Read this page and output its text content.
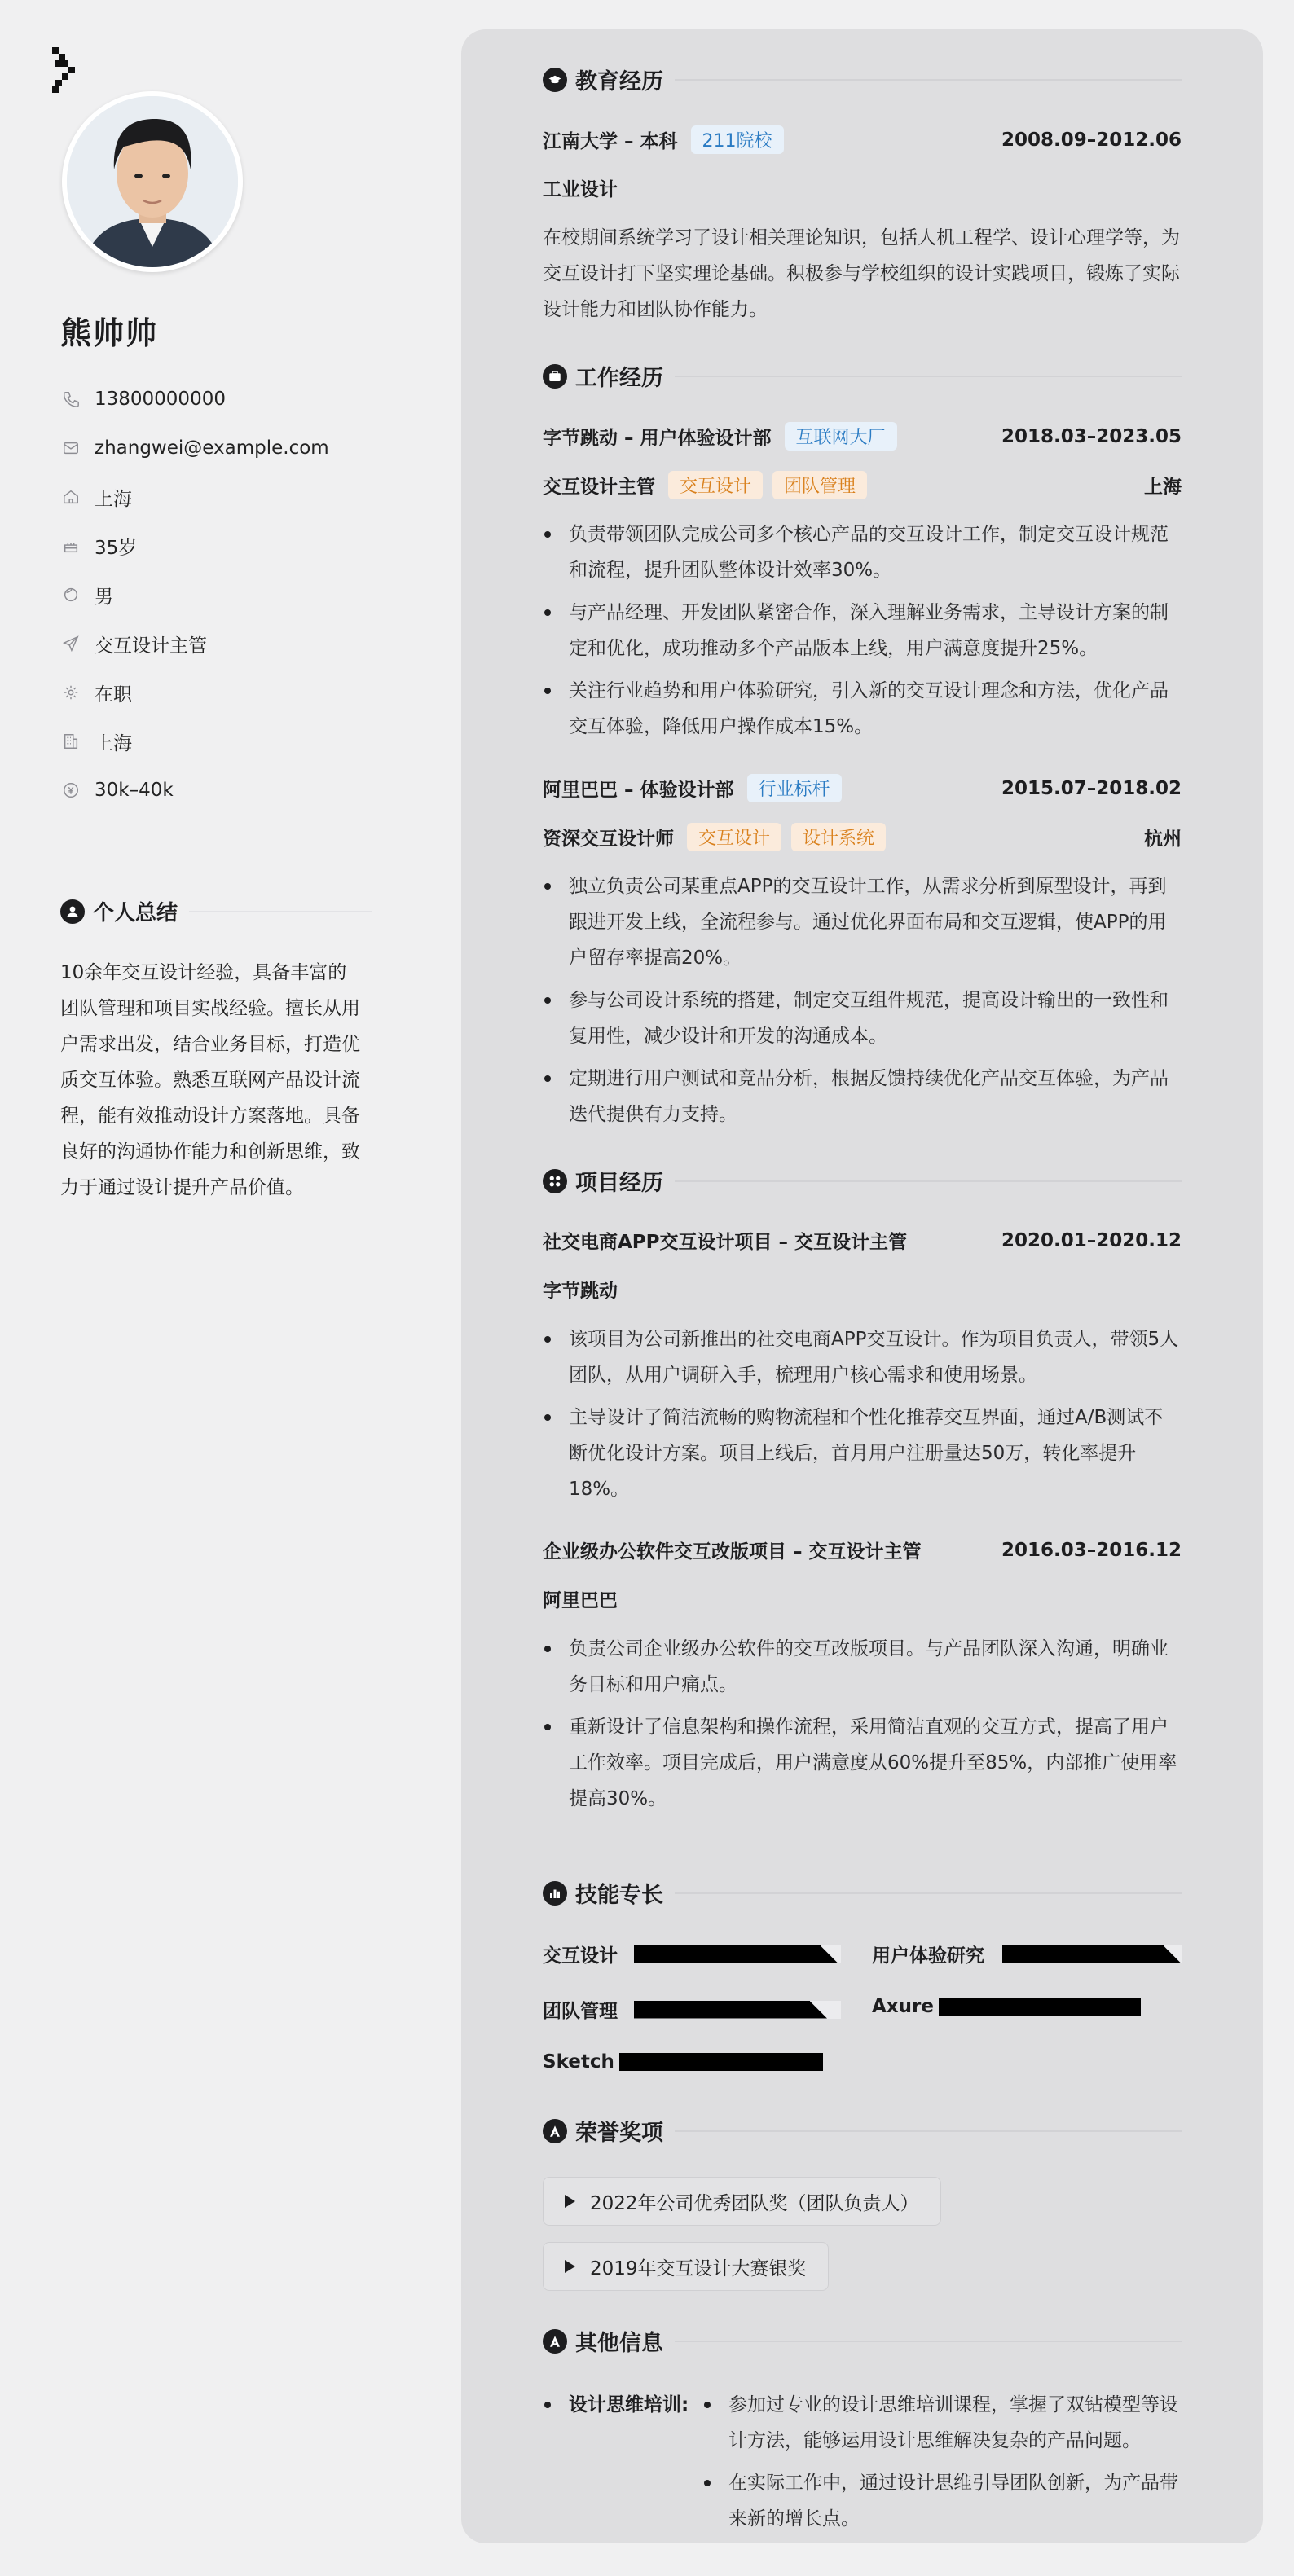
熊帅帅
13800000000
zhangwei@example.com
上海
35岁
男
交互设计主管
在职
上海
30k–40k
个人总结
10余年交互设计经验，具备丰富的团队管理和项目实战经验。擅长从用户需求出发，结合业务目标，打造优质交互体验。熟悉互联网产品设计流程，能有效推动设计方案落地。具备良好的沟通协作能力和创新思维，致力于通过设计提升产品价值。
教育经历
江南大学 – 本科	211院校	2008.09–2012.06
工业设计
在校期间系统学习了设计相关理论知识，包括人机工程学、设计心理学等，为交互设计打下坚实理论基础。积极参与学校组织的设计实践项目，锻炼了实际设计能力和团队协作能力。
工作经历
字节跳动 – 用户体验设计部	互联网大厂	2018.03–2023.05
交互设计主管	交互设计	团队管理	上海
负责带领团队完成公司多个核心产品的交互设计工作，制定交互设计规范和流程，提升团队整体设计效率30%。
与产品经理、开发团队紧密合作，深入理解业务需求，主导设计方案的制定和优化，成功推动多个产品版本上线，用户满意度提升25%。
关注行业趋势和用户体验研究，引入新的交互设计理念和方法，优化产品交互体验，降低用户操作成本15%。
阿里巴巴 – 体验设计部	行业标杆	2015.07–2018.02
资深交互设计师	交互设计	设计系统	杭州
独立负责公司某重点APP的交互设计工作，从需求分析到原型设计，再到跟进开发上线，全流程参与。通过优化界面布局和交互逻辑，使APP的用户留存率提高20%。
参与公司设计系统的搭建，制定交互组件规范，提高设计输出的一致性和复用性，减少设计和开发的沟通成本。
定期进行用户测试和竞品分析，根据反馈持续优化产品交互体验，为产品迭代提供有力支持。
项目经历
社交电商APP交互设计项目 – 交互设计主管	2020.01–2020.12
字节跳动
该项目为公司新推出的社交电商APP交互设计。作为项目负责人，带领5人团队，从用户调研入手，梳理用户核心需求和使用场景。
主导设计了简洁流畅的购物流程和个性化推荐交互界面，通过A/B测试不断优化设计方案。项目上线后，首月用户注册量达50万，转化率提升18%。
企业级办公软件交互改版项目 – 交互设计主管	2016.03–2016.12
阿里巴巴
负责公司企业级办公软件的交互改版项目。与产品团队深入沟通，明确业务目标和用户痛点。
重新设计了信息架构和操作流程，采用简洁直观的交互方式，提高了用户工作效率。项目完成后，用户满意度从60%提升至85%，内部推广使用率提高30%。
技能专长
交互设计	用户体验研究
团队管理	Axure
Sketch
荣誉奖项
2022年公司优秀团队奖（团队负责人）
2019年交互设计大赛银奖
其他信息
设计思维培训:	参加过专业的设计思维培训课程，掌握了双钻模型等设计方法，能够运用设计思维解决复杂的产品问题。
在实际工作中，通过设计思维引导团队创新，为产品带来新的增长点。
